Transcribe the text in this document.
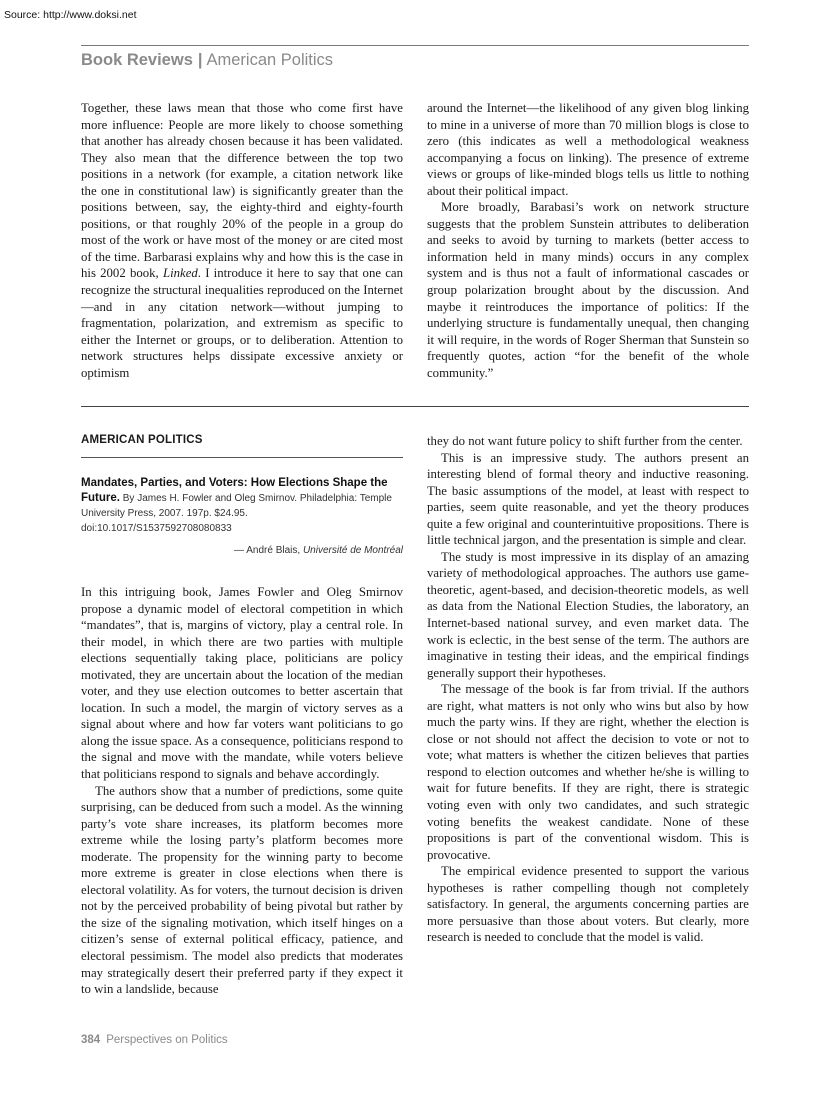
Source: http://www.doksi.net
Book Reviews | American Politics

Together, these laws mean that those who come first have more influence: People are more likely to choose something that another has already chosen because it has been validated. They also mean that the difference between the top two positions in a network (for example, a citation network like the one in constitutional law) is significantly greater than the positions between, say, the eighty-third and eighty-fourth positions, or that roughly 20% of the people in a group do most of the work or have most of the money or are cited most of the time. Barbarasi explains why and how this is the case in his 2002 book, Linked. I introduce it here to say that one can recognize the structural inequalities reproduced on the Internet—and in any citation network—without jumping to fragmentation, polarization, and extremism as specific to either the Internet or groups, or to deliberation. Attention to network structures helps dissipate excessive anxiety or optimism

around the Internet—the likelihood of any given blog linking to mine in a universe of more than 70 million blogs is close to zero (this indicates as well a methodological weakness accompanying a focus on linking). The presence of extreme views or groups of like-minded blogs tells us little to nothing about their political impact.

More broadly, Barabasi’s work on network structure suggests that the problem Sunstein attributes to deliberation and seeks to avoid by turning to markets (better access to information held in many minds) occurs in any complex system and is thus not a fault of informational cascades or group polarization brought about by the discussion. And maybe it reintroduces the importance of politics: If the underlying structure is fundamentally unequal, then changing it will require, in the words of Roger Sherman that Sunstein so frequently quotes, action “for the benefit of the whole community.”

AMERICAN POLITICS
Mandates, Parties, and Voters: How Elections Shape the Future. By James H. Fowler and Oleg Smirnov. Philadelphia: Temple University Press, 2007. 197p. $24.95.
doi:10.1017/S1537592708080833
— André Blais, Université de Montréal

In this intriguing book, James Fowler and Oleg Smirnov propose a dynamic model of electoral competition in which “mandates”, that is, margins of victory, play a central role. In their model, in which there are two parties with multiple elections sequentially taking place, politicians are policy motivated, they are uncertain about the location of the median voter, and they use election outcomes to better ascertain that location. In such a model, the margin of victory serves as a signal about where and how far voters want politicians to go along the issue space. As a consequence, politicians respond to the signal and move with the mandate, while voters believe that politicians respond to signals and behave accordingly.

The authors show that a number of predictions, some quite surprising, can be deduced from such a model. As the winning party’s vote share increases, its platform becomes more extreme while the losing party’s platform becomes more moderate. The propensity for the winning party to become more extreme is greater in close elections when there is electoral volatility. As for voters, the turnout decision is driven not by the perceived probability of being pivotal but rather by the size of the signaling motivation, which itself hinges on a citizen’s sense of external political efficacy, patience, and electoral pessimism. The model also predicts that moderates may strategically desert their preferred party if they expect it to win a landslide, because

they do not want future policy to shift further from the center.

This is an impressive study. The authors present an interesting blend of formal theory and inductive reasoning. The basic assumptions of the model, at least with respect to parties, seem quite reasonable, and yet the theory produces quite a few original and counterintuitive propositions. There is little technical jargon, and the presentation is simple and clear.

The study is most impressive in its display of an amazing variety of methodological approaches. The authors use game-theoretic, agent-based, and decision-theoretic models, as well as data from the National Election Studies, the laboratory, an Internet-based national survey, and even market data. The work is eclectic, in the best sense of the term. The authors are imaginative in testing their ideas, and the empirical findings generally support their hypotheses.

The message of the book is far from trivial. If the authors are right, what matters is not only who wins but also by how much the party wins. If they are right, whether the election is close or not should not affect the decision to vote or not to vote; what matters is whether the citizen believes that parties respond to election outcomes and whether he/she is willing to wait for future benefits. If they are right, there is strategic voting even with only two candidates, and such strategic voting benefits the weakest candidate. None of these propositions is part of the conventional wisdom. This is provocative.

The empirical evidence presented to support the various hypotheses is rather compelling though not completely satisfactory. In general, the arguments concerning parties are more persuasive than those about voters. But clearly, more research is needed to conclude that the model is valid.

384 Perspectives on Politics
